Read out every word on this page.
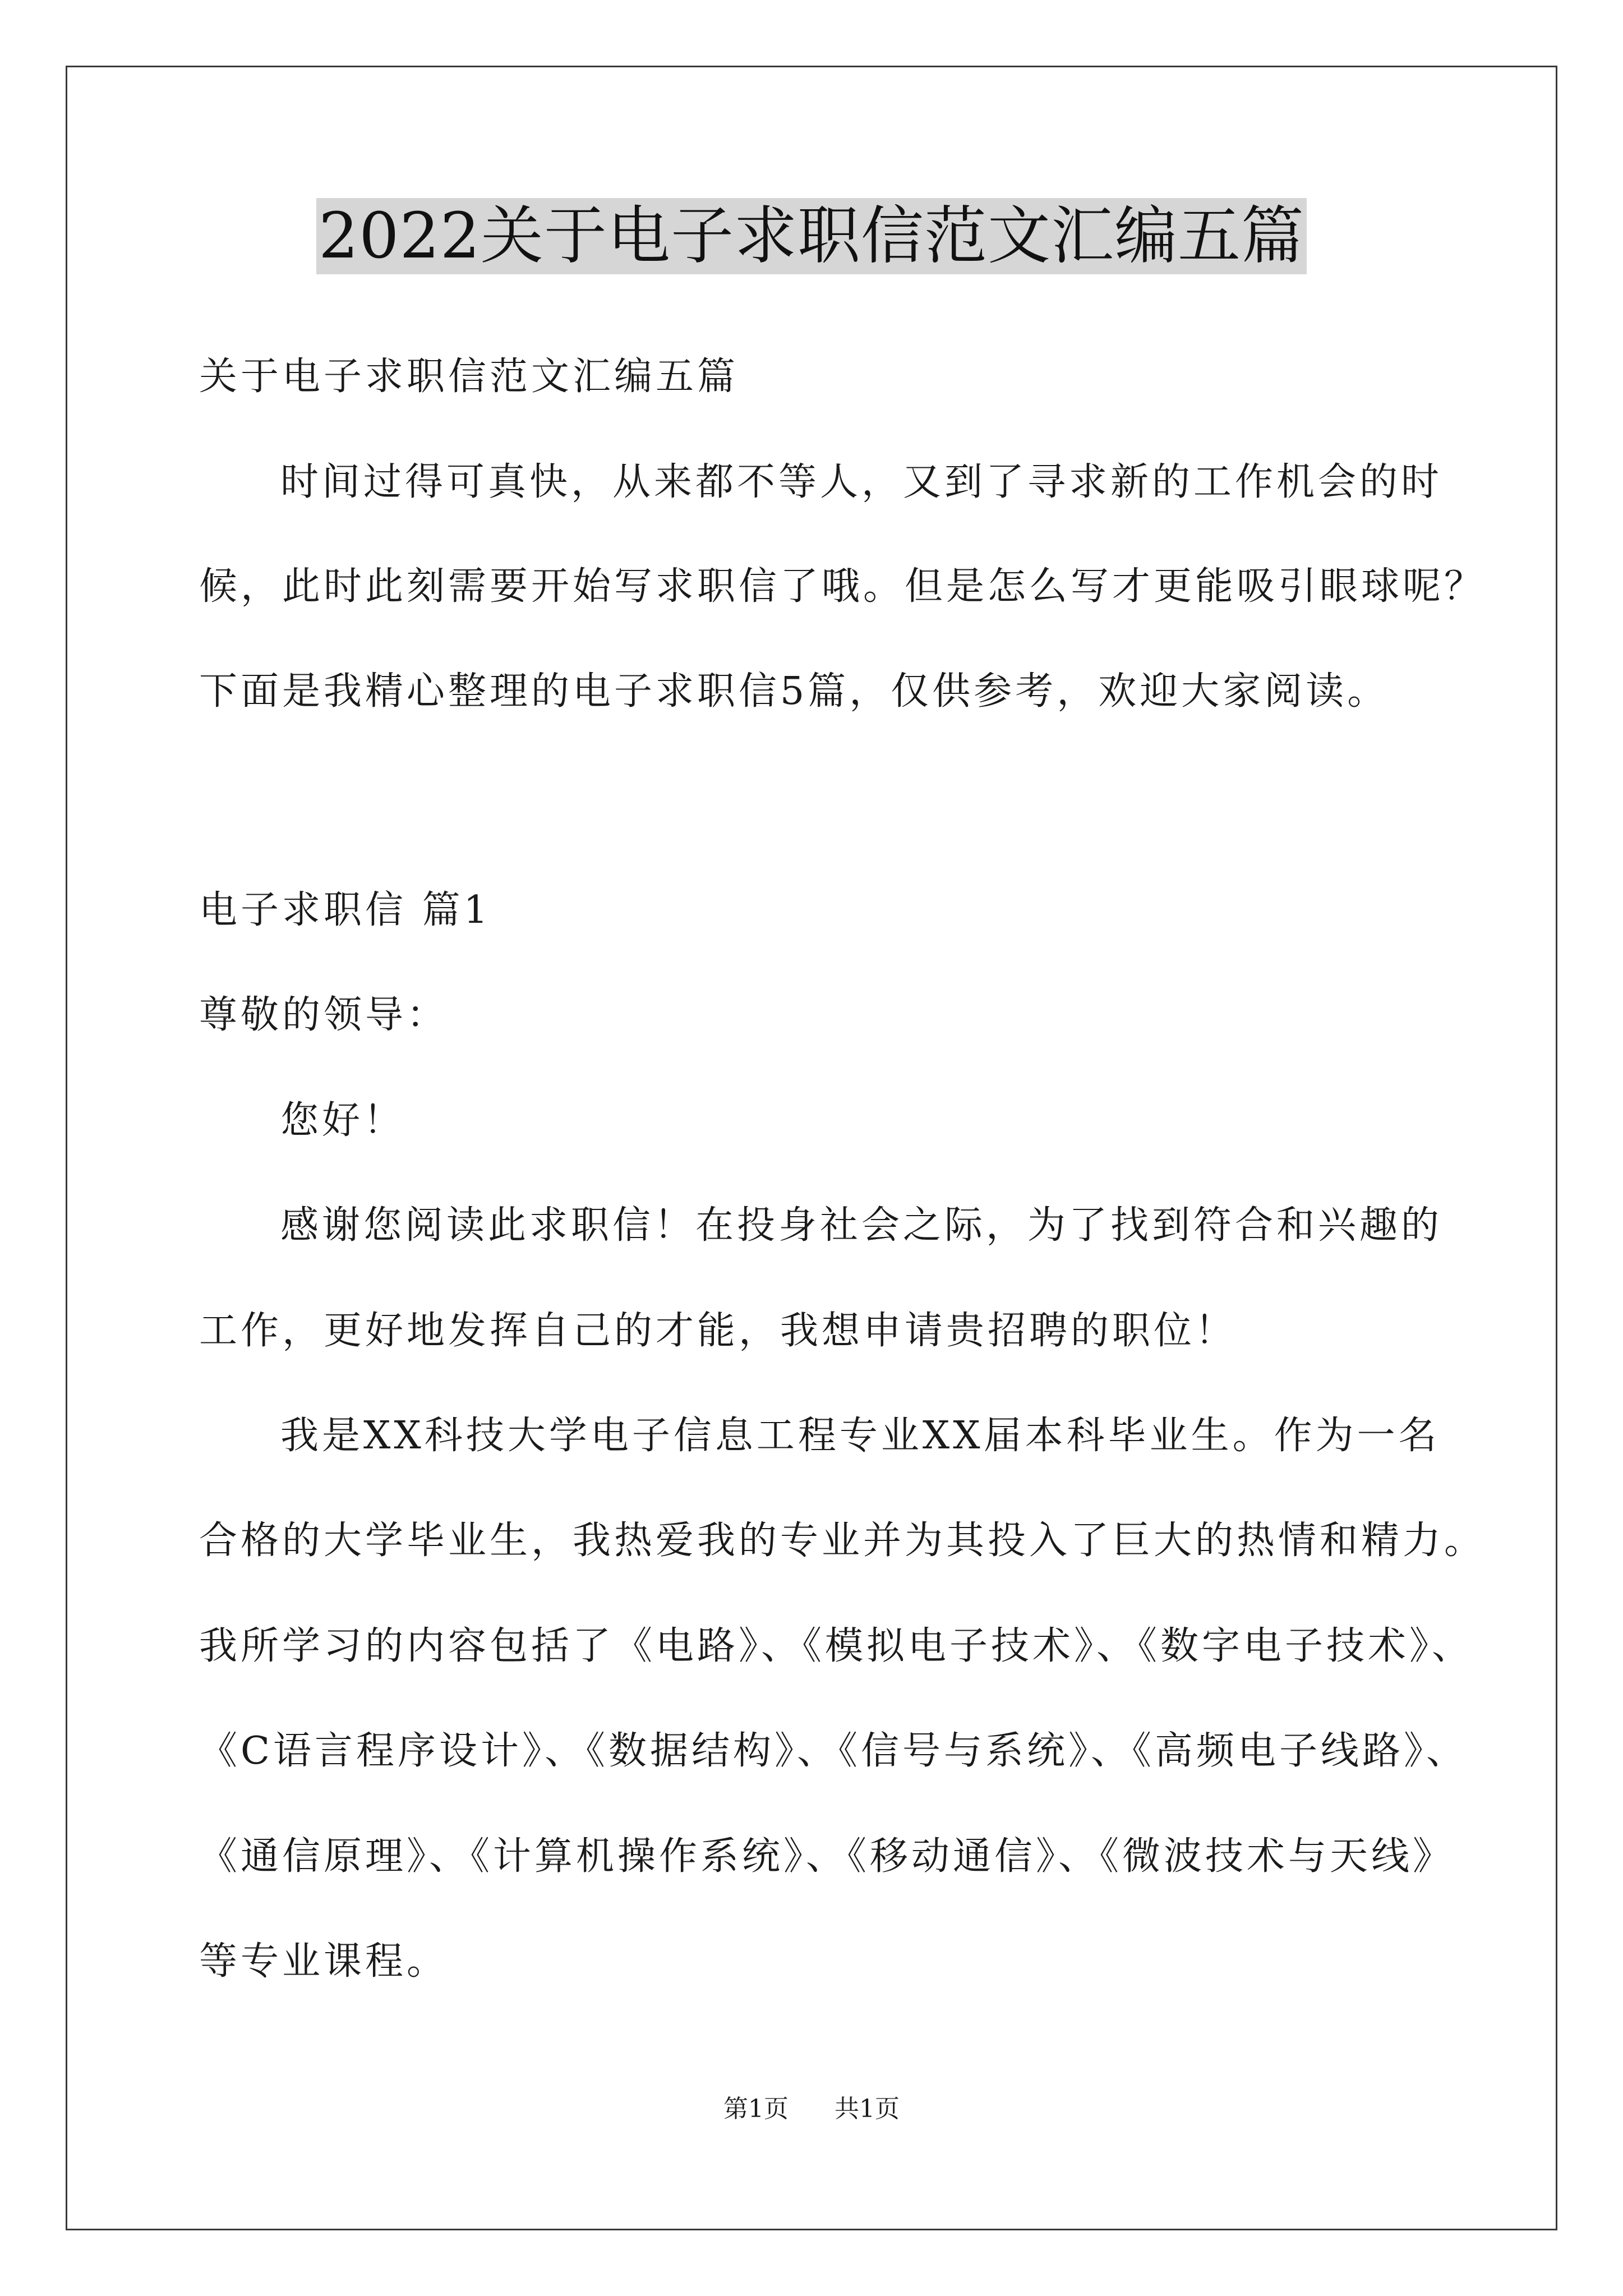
2022关于电子求职信范文汇编五篇
关于电子求职信范文汇编五篇
时间过得可真快，从来都不等人，又到了寻求新的工作机会的时
候，此时此刻需要开始写求职信了哦。但是怎么写才更能吸引眼球呢？
下面是我精心整理的电子求职信5篇，仅供参考，欢迎大家阅读。
电子求职信 篇1
尊敬的领导：
您好！
感谢您阅读此求职信！在投身社会之际，为了找到符合和兴趣的
工作，更好地发挥自己的才能，我想申请贵招聘的职位！
我是XX科技大学电子信息工程专业XX届本科毕业生。作为一名
合格的大学毕业生，我热爱我的专业并为其投入了巨大的热情和精力。
我所学习的内容包括了《电路》、《模拟电子技术》、《数字电子技术》、
《C语言程序设计》、《数据结构》、《信号与系统》、《高频电子线路》、
《通信原理》、《计算机操作系统》、《移动通信》、《微波技术与天线》
等专业课程。
第1页 共1页
